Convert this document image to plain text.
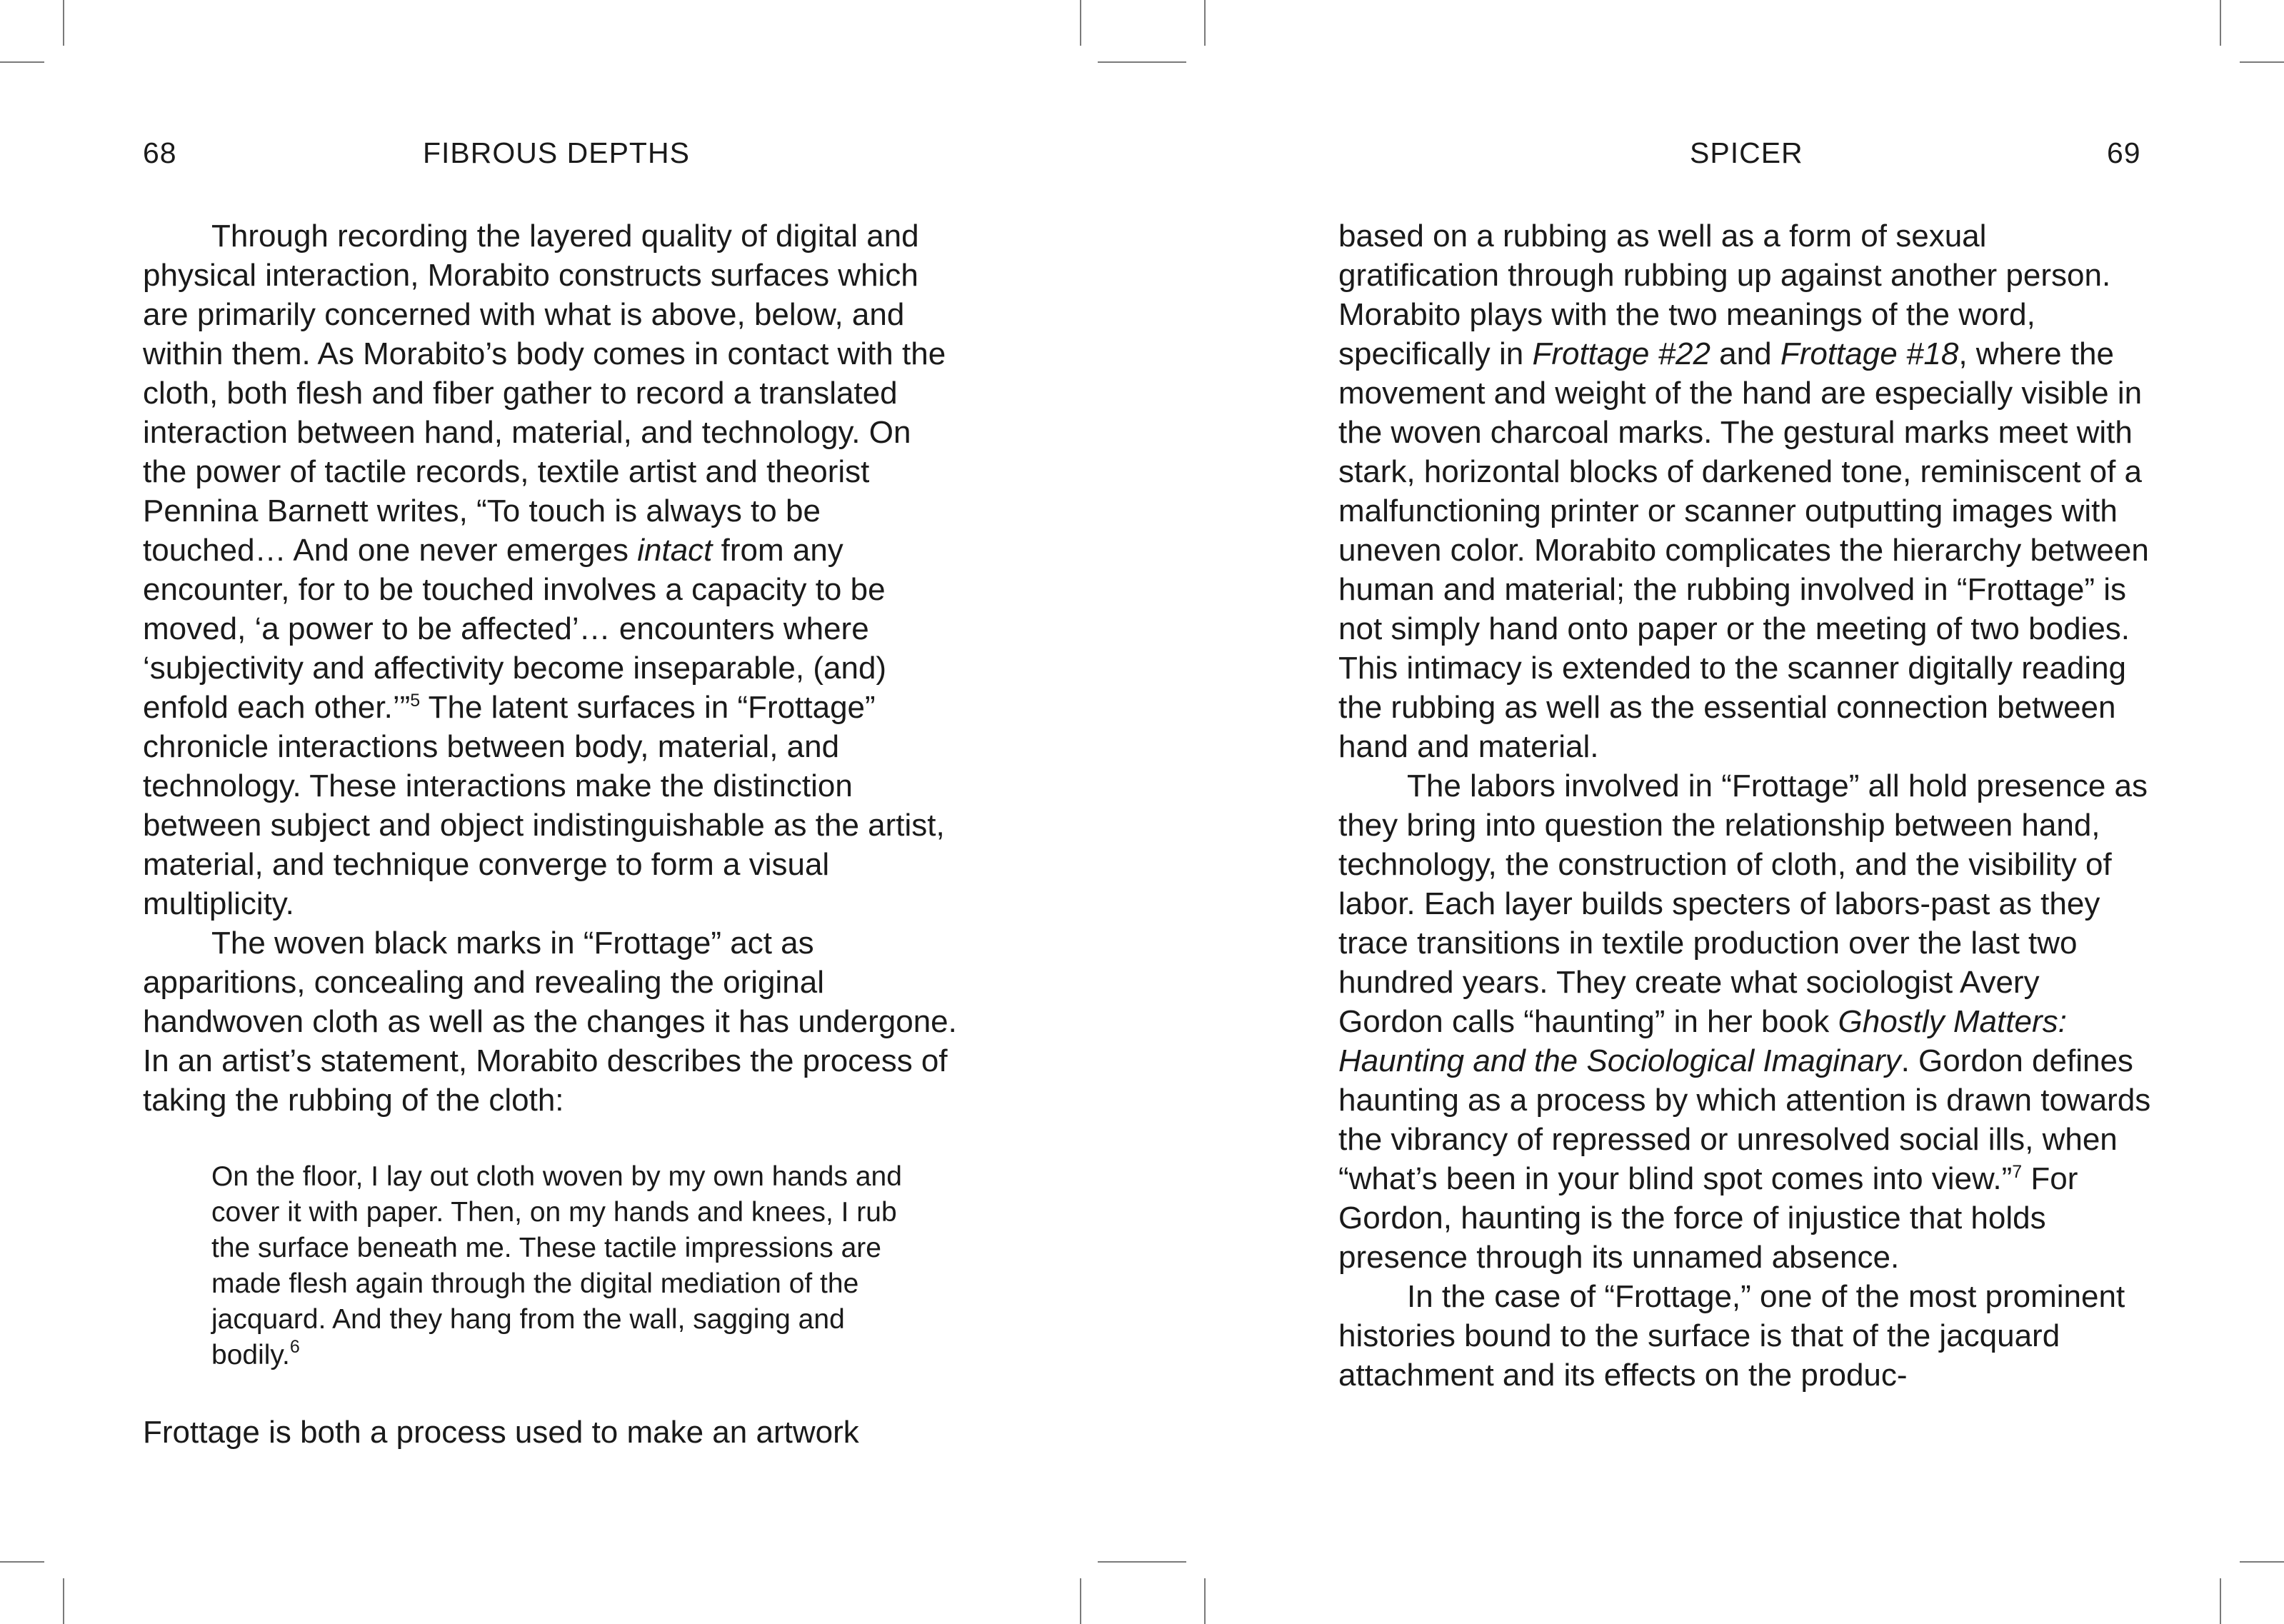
68	FIBROUS DEPTHS

Through recording the layered quality of digital and physical interaction, Morabito constructs surfaces which are primarily concerned with what is above, below, and within them. As Morabito’s body comes in contact with the cloth, both flesh and fiber gather to record a translated interaction between hand, material, and technology. On the power of tactile records, textile artist and theorist Pennina Barnett writes, “To touch is always to be touched… And one never emerges intact from any encounter, for to be touched involves a capacity to be moved, ‘a power to be affected’… encounters where ‘subjectivity and affectivity become inseparable, (and) enfold each other.’”$^5$ The latent surfaces in “Frottage” chronicle interactions between body, material, and technology. These interactions make the distinction between subject and object indistinguishable as the artist, material, and technique converge to form a visual multiplicity.

The woven black marks in “Frottage” act as apparitions, concealing and revealing the original handwoven cloth as well as the changes it has undergone. In an artist’s statement, Morabito describes the process of taking the rubbing of the cloth:

On the floor, I lay out cloth woven by my own hands and cover it with paper. Then, on my hands and knees, I rub the surface beneath me. These tactile impressions are made flesh again through the digital mediation of the jacquard. And they hang from the wall, sagging and bodily.$^6$

Frottage is both a process used to make an artwork

SPICER	69

based on a rubbing as well as a form of sexual gratification through rubbing up against another person. Morabito plays with the two meanings of the word, specifically in Frottage #22 and Frottage #18, where the movement and weight of the hand are especially visible in the woven charcoal marks. The gestural marks meet with stark, horizontal blocks of darkened tone, reminiscent of a malfunctioning printer or scanner outputting images with uneven color. Morabito complicates the hierarchy between human and material; the rubbing involved in “Frottage” is not simply hand onto paper or the meeting of two bodies. This intimacy is extended to the scanner digitally reading the rubbing as well as the essential connection between hand and material.

The labors involved in “Frottage” all hold presence as they bring into question the relationship between hand, technology, the construction of cloth, and the visibility of labor. Each layer builds specters of labors-past as they trace transitions in textile production over the last two hundred years. They create what sociologist Avery Gordon calls “haunting” in her book Ghostly Matters: Haunting and the Sociological Imaginary. Gordon defines haunting as a process by which attention is drawn towards the vibrancy of repressed or unresolved social ills, when “what’s been in your blind spot comes into view.”$^7$ For Gordon, haunting is the force of injustice that holds presence through its unnamed absence.

In the case of “Frottage,” one of the most prominent histories bound to the surface is that of the jacquard attachment and its effects on the produc-
